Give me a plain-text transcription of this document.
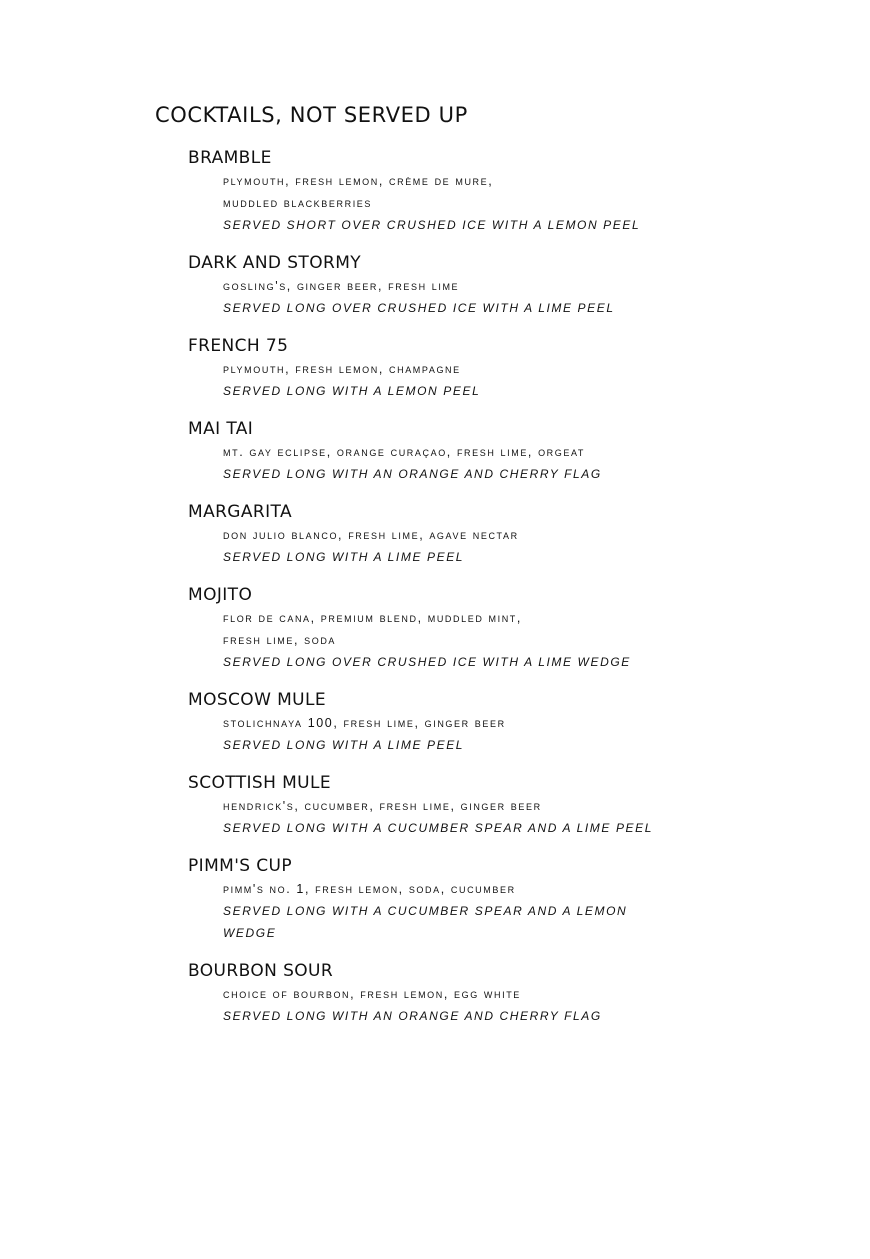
COCKTAILS, NOT SERVED UP
BRAMBLE
plymouth, fresh lemon, crème de mure,
muddled blackberries
SERVED SHORT OVER CRUSHED ICE WITH A LEMON PEEL
DARK AND STORMY
gosling's, ginger beer, fresh lime
SERVED LONG OVER CRUSHED ICE WITH A LIME PEEL
FRENCH 75
plymouth, fresh lemon, champagne
SERVED LONG WITH A LEMON PEEL
MAI TAI
mt. gay eclipse, orange curaçao, fresh lime, orgeat
SERVED LONG WITH AN ORANGE AND CHERRY FLAG
MARGARITA
don julio blanco, fresh lime, agave nectar
SERVED LONG WITH A LIME PEEL
MOJITO
flor de cana, premium blend, muddled mint,
fresh lime, soda
SERVED LONG OVER CRUSHED ICE WITH A LIME WEDGE
MOSCOW MULE
stolichnaya 100, fresh lime, ginger beer
SERVED LONG WITH A LIME PEEL
SCOTTISH MULE
hendrick's, cucumber, fresh lime, ginger beer
SERVED LONG WITH A CUCUMBER SPEAR AND A LIME PEEL
PIMM'S CUP
pimm's no. 1, fresh lemon, soda, cucumber
SERVED LONG WITH A CUCUMBER SPEAR AND A LEMON
WEDGE
BOURBON SOUR
choice of bourbon, fresh lemon, egg white
SERVED LONG WITH AN ORANGE AND CHERRY FLAG
